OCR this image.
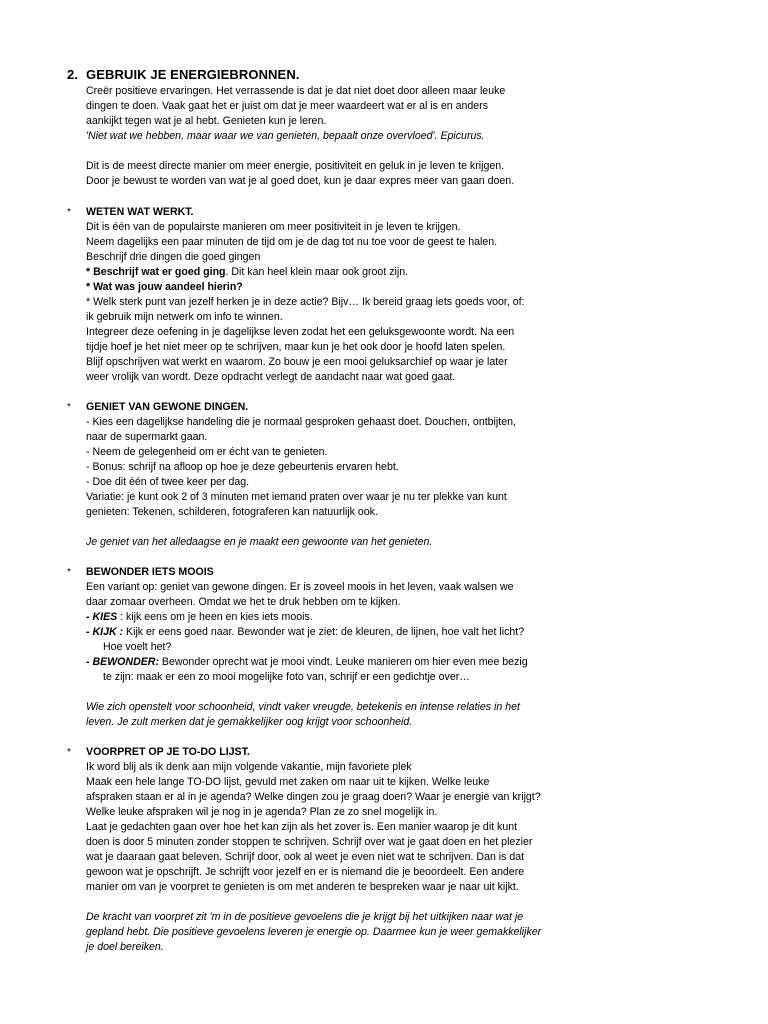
2. GEBRUIK JE ENERGIEBRONNEN.
Creër positieve ervaringen. Het verrassende is dat je dat niet doet door alleen maar leuke
dingen te doen. Vaak gaat het er juist om dat je meer waardeert wat er al is en anders
aankijkt tegen wat je al hebt. Genieten kun je leren.
'Niet wat we hebben, maar waar we van genieten, bepaalt onze overvloed'. Epicurus.
Dit is de meest directe manier om meer energie, positiviteit en geluk in je leven te krijgen.
Door je bewust te worden van wat je al goed doet, kun je daar expres meer van gaan doen.
* WETEN WAT WERKT.
Dit is één van de populairste manieren om meer positiviteit in je leven te krijgen.
Neem dagelijks een paar minuten de tijd om je de dag tot nu toe voor de geest te halen.
Beschrijf drie dingen die goed gingen
* Beschrijf wat er goed ging. Dit kan heel klein maar ook groot zijn.
* Wat was jouw aandeel hierin?
* Welk sterk punt van jezelf herken je in deze actie? Bijv… Ik bereid graag iets goeds voor, of:
ik gebruik mijn netwerk om info te winnen.
Integreer deze oefening in je dagelijkse leven zodat het een geluksgewoonte wordt. Na een
tijdje hoef je het niet meer op te schrijven, maar kun je het ook door je hoofd laten spelen.
Blijf opschrijven wat werkt en waarom. Zo bouw je een mooi geluksarchief op waar je later
weer vrolijk van wordt. Deze opdracht verlegt de aandacht naar wat goed gaat.
* GENIET VAN GEWONE DINGEN.
- Kies een dagelijkse handeling die je normaal gesproken gehaast doet. Douchen, ontbijten,
naar de supermarkt gaan.
- Neem de gelegenheid om er écht van te genieten.
- Bonus: schrijf na afloop op hoe je deze gebeurtenis ervaren hebt.
- Doe dit één of twee keer per dag.
Variatie: je kunt ook 2 of 3 minuten met iemand praten over waar je nu ter plekke van kunt
genieten: Tekenen, schilderen, fotograferen kan natuurlijk ook.
Je geniet van het alledaagse en je maakt een gewoonte van het genieten.
* BEWONDER IETS MOOIS
Een variant op: geniet van gewone dingen. Er is zoveel moois in het leven, vaak walsen we
daar zomaar overheen. Omdat we het te druk hebben om te kijken.
- KIES : kijk eens om je heen en kies iets moois.
- KIJK : Kijk er eens goed naar. Bewonder wat je ziet: de kleuren, de lijnen, hoe valt het licht?
Hoe voelt het?
- BEWONDER: Bewonder oprecht wat je mooi vindt. Leuke manieren om hier even mee bezig
te zijn: maak er een zo mooi mogelijke foto van, schrijf er een gedichtje over…
Wie zich openstelt voor schoonheid, vindt vaker vreugde, betekenis en intense relaties in het
leven. Je zult merken dat je gemakkelijker oog krijgt voor schoonheid.
* VOORPRET OP JE TO-DO LIJST.
Ik word blij als ik denk aan mijn volgende vakantie, mijn favoriete plek
Maak een hele lange TO-DO lijst, gevuld met zaken om naar uit te kijken. Welke leuke
afspraken staan er al in je agenda? Welke dingen zou je graag doen? Waar je energie van krijgt?
Welke leuke afspraken wil je nog in je agenda? Plan ze zo snel mogelijk in.
Laat je gedachten gaan over hoe het kan zijn als het zover is. Een manier waarop je dit kunt
doen is door 5 minuten zonder stoppen te schrijven. Schrijf over wat je gaat doen en het plezier
wat je daaraan gaat beleven. Schrijf door, ook al weet je even niet wat te schrijven. Dan is dat
gewoon wat je opschrijft. Je schrijft voor jezelf en er is niemand die je beoordeelt. Een andere
manier om van je voorpret te genieten is om met anderen te bespreken waar je naar uit kijkt.
De kracht van voorpret zit 'm in de positieve gevoelens die je krijgt bij het uitkijken naar wat je
gepland hebt. Die positieve gevoelens leveren je energie op. Daarmee kun je weer gemakkelijker
je doel bereiken.
